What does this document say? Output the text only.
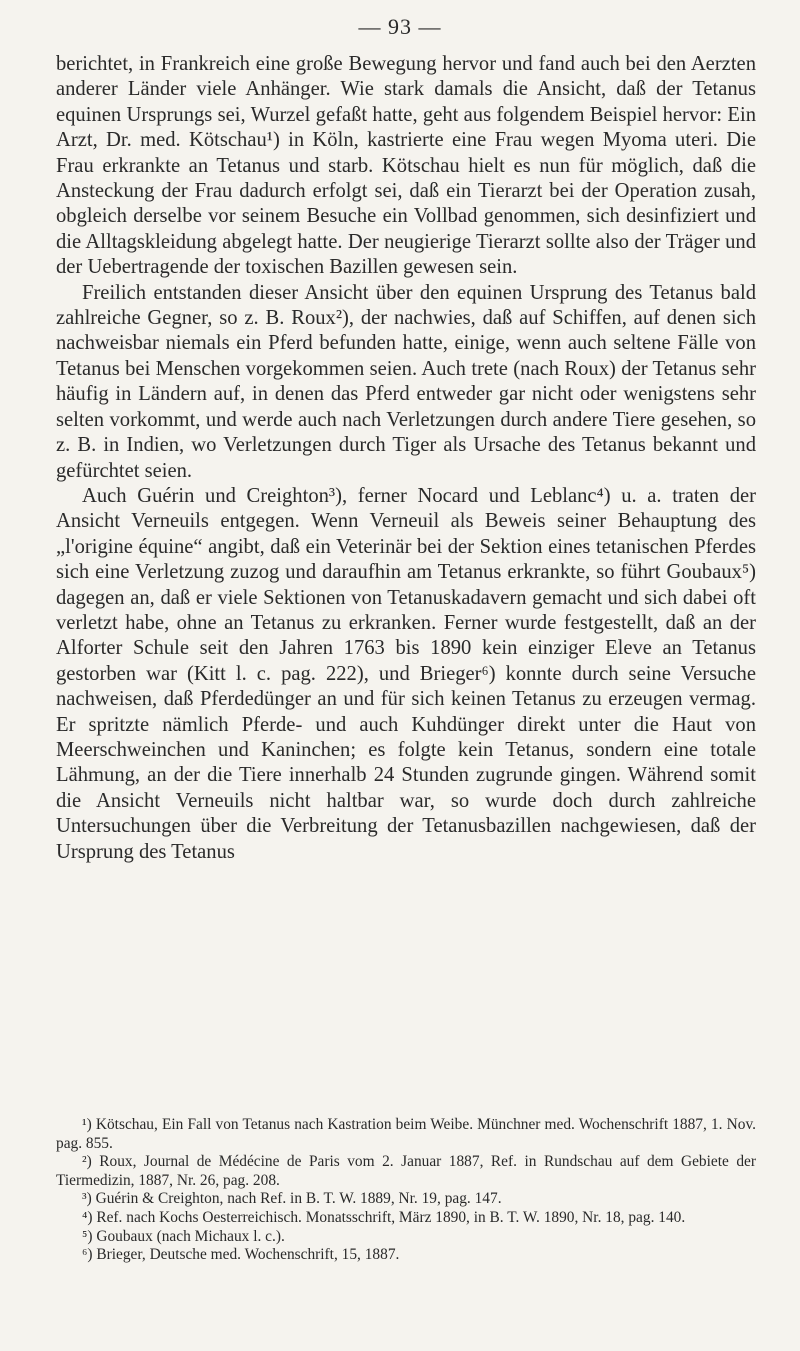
— 93 —

berichtet, in Frankreich eine große Bewegung hervor und fand auch bei den Aerzten anderer Länder viele Anhänger. Wie stark damals die Ansicht, daß der Tetanus equinen Ursprungs sei, Wurzel gefaßt hatte, geht aus folgendem Beispiel hervor: Ein Arzt, Dr. med. Kötschau¹) in Köln, kastrierte eine Frau wegen Myoma uteri. Die Frau erkrankte an Tetanus und starb. Kötschau hielt es nun für möglich, daß die Ansteckung der Frau dadurch erfolgt sei, daß ein Tierarzt bei der Operation zusah, obgleich derselbe vor seinem Besuche ein Vollbad genommen, sich desinfiziert und die Alltagskleidung abgelegt hatte. Der neugierige Tierarzt sollte also der Träger und der Uebertragende der toxischen Bazillen gewesen sein.

Freilich entstanden dieser Ansicht über den equinen Ursprung des Tetanus bald zahlreiche Gegner, so z. B. Roux²), der nachwies, daß auf Schiffen, auf denen sich nachweisbar niemals ein Pferd befunden hatte, einige, wenn auch seltene Fälle von Tetanus bei Menschen vorgekommen seien. Auch trete (nach Roux) der Tetanus sehr häufig in Ländern auf, in denen das Pferd entweder gar nicht oder wenigstens sehr selten vorkommt, und werde auch nach Verletzungen durch andere Tiere gesehen, so z. B. in Indien, wo Verletzungen durch Tiger als Ursache des Tetanus bekannt und gefürchtet seien.

Auch Guérin und Creighton³), ferner Nocard und Leblanc⁴) u. a. traten der Ansicht Verneuils entgegen. Wenn Verneuil als Beweis seiner Behauptung des „l'origine équine“ angibt, daß ein Veterinär bei der Sektion eines tetanischen Pferdes sich eine Verletzung zuzog und daraufhin am Tetanus erkrankte, so führt Goubaux⁵) dagegen an, daß er viele Sektionen von Tetanuskadavern gemacht und sich dabei oft verletzt habe, ohne an Tetanus zu erkranken. Ferner wurde festgestellt, daß an der Alforter Schule seit den Jahren 1763 bis 1890 kein einziger Eleve an Tetanus gestorben war (Kitt l. c. pag. 222), und Brieger⁶) konnte durch seine Versuche nachweisen, daß Pferdedünger an und für sich keinen Tetanus zu erzeugen vermag. Er spritzte nämlich Pferde- und auch Kuhdünger direkt unter die Haut von Meerschweinchen und Kaninchen; es folgte kein Tetanus, sondern eine totale Lähmung, an der die Tiere innerhalb 24 Stunden zugrunde gingen. Während somit die Ansicht Verneuils nicht haltbar war, so wurde doch durch zahlreiche Untersuchungen über die Verbreitung der Tetanusbazillen nachgewiesen, daß der Ursprung des Tetanus

¹) Kötschau, Ein Fall von Tetanus nach Kastration beim Weibe. Münchner med. Wochenschrift 1887, 1. Nov. pag. 855.

²) Roux, Journal de Médécine de Paris vom 2. Januar 1887, Ref. in Rundschau auf dem Gebiete der Tiermedizin, 1887, Nr. 26, pag. 208.

³) Guérin & Creighton, nach Ref. in B. T. W. 1889, Nr. 19, pag. 147.

⁴) Ref. nach Kochs Oesterreichisch. Monatsschrift, März 1890, in B. T. W. 1890, Nr. 18, pag. 140.

⁵) Goubaux (nach Michaux l. c.).

⁶) Brieger, Deutsche med. Wochenschrift, 15, 1887.
